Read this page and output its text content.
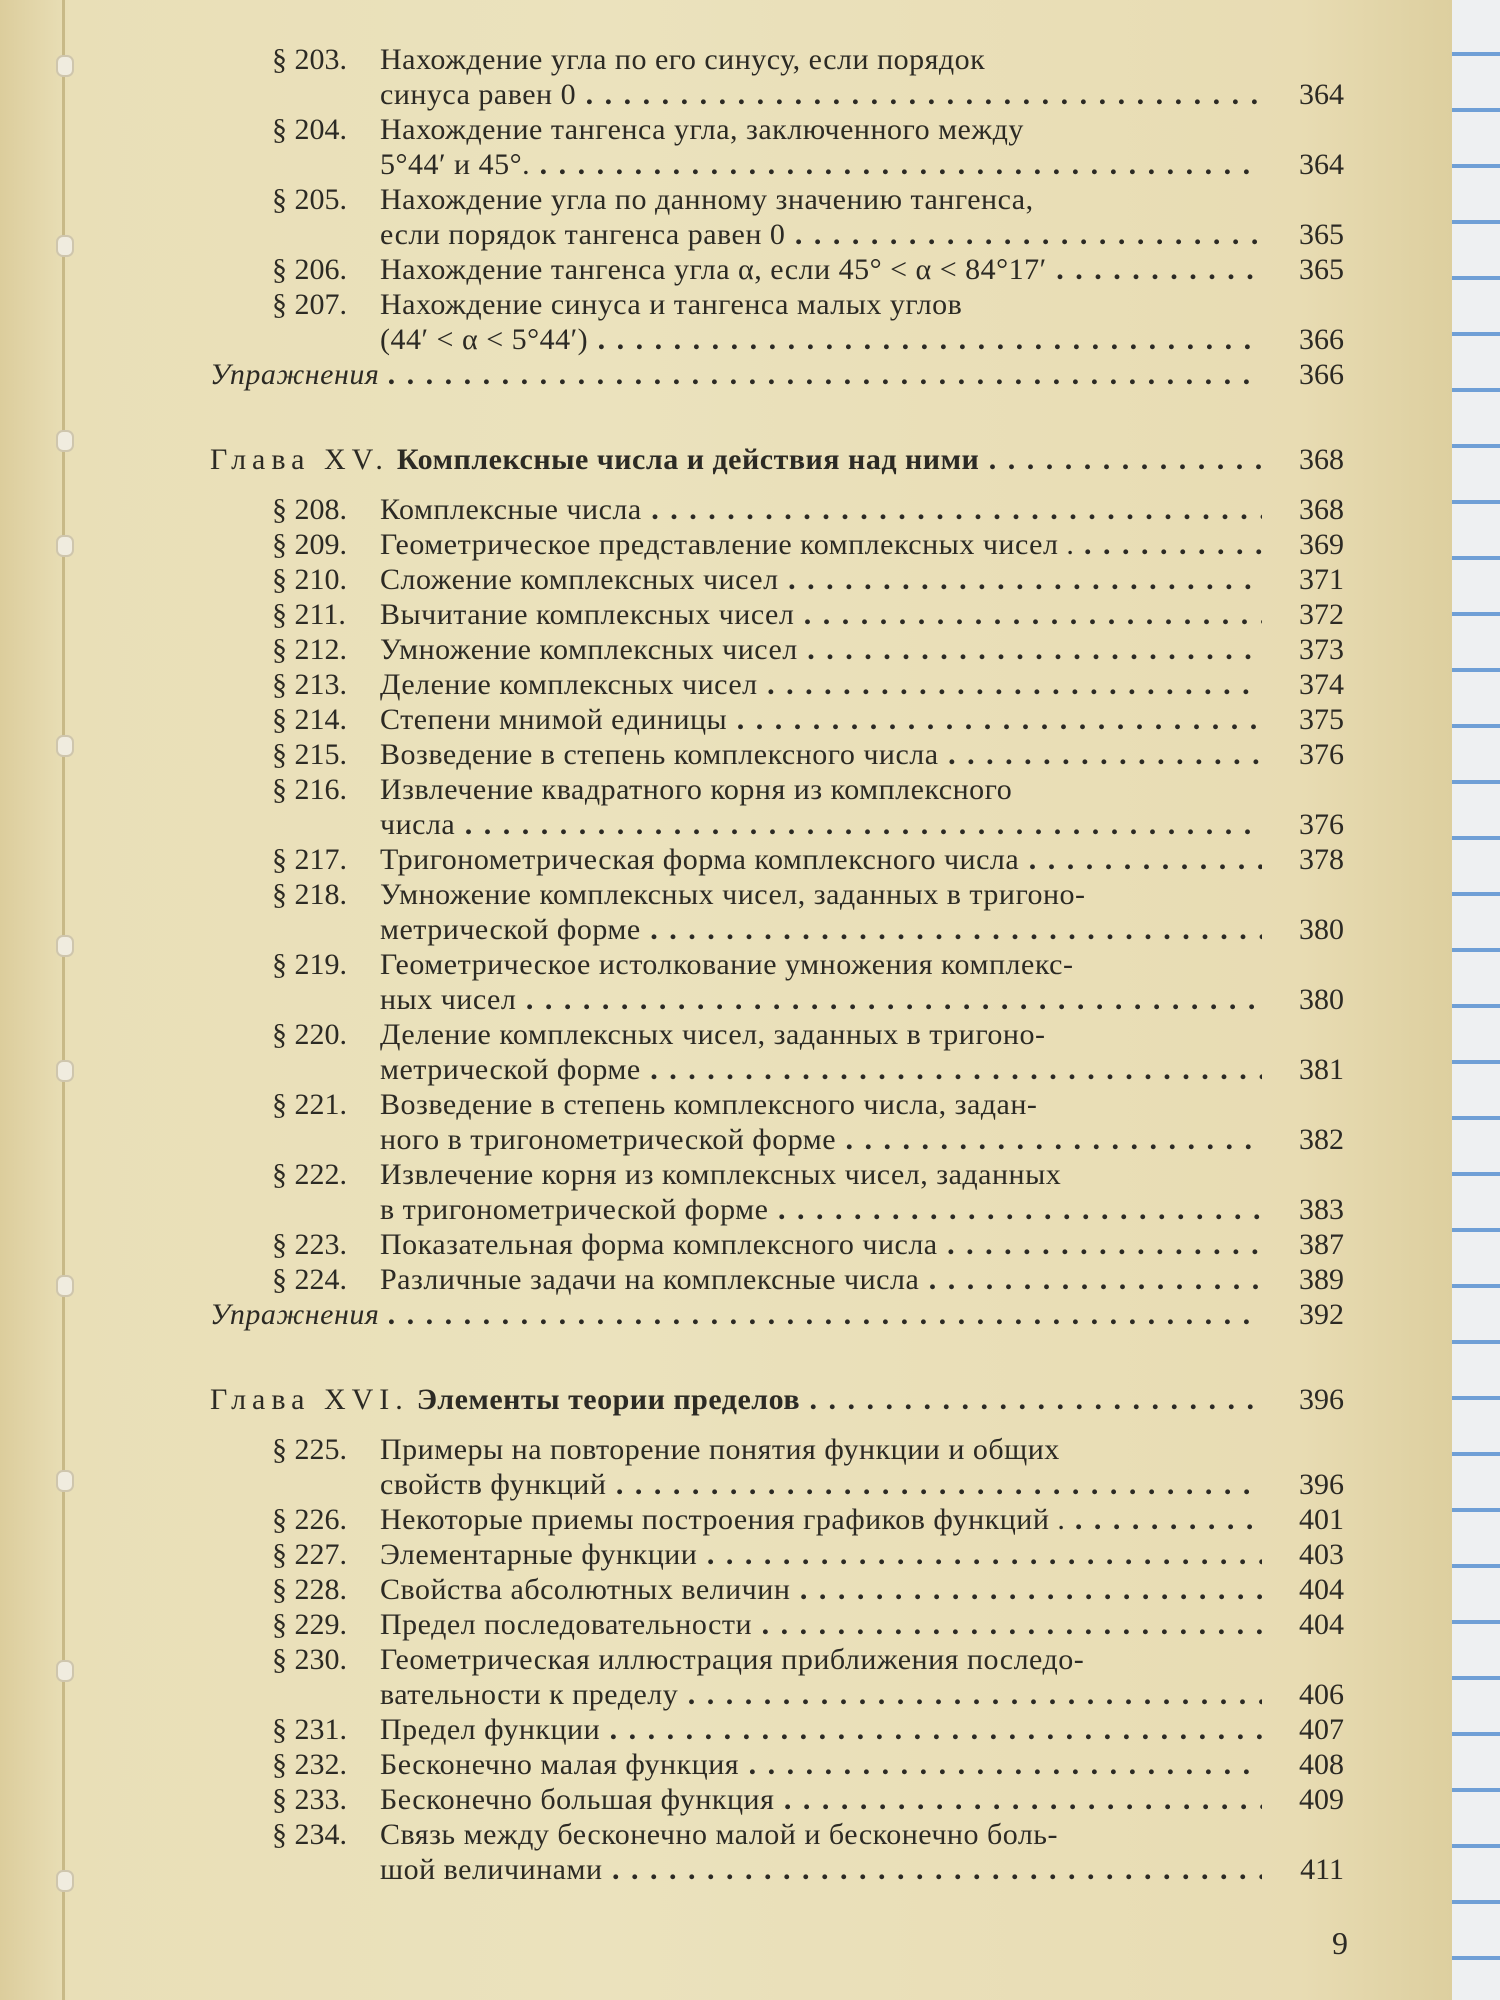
§ 203. Нахождение угла по его синусу, если порядок
синуса равен 0 . . .	364
§ 204. Нахождение тангенса угла, заключенного между
5°44′ и 45°. . . .	364
§ 205. Нахождение угла по данному значению тангенса,
если порядок тангенса равен 0 . . .	365
§ 206. Нахождение тангенса угла α, если 45° < α < 84°17′ . . .	365
§ 207. Нахождение синуса и тангенса малых углов
(44′ < α < 5°44′) . . .	366
Упражнения . . .	366
Глава XV. Комплексные числа и действия над ними . . .	368
§ 208. Комплексные числа . . .	368
§ 209. Геометрическое представление комплексных чисел . . . .	369
§ 210. Сложение комплексных чисел . . .	371
§ 211. Вычитание комплексных чисел . . .	372
§ 212. Умножение комплексных чисел . . .	373
§ 213. Деление комплексных чисел . . .	374
§ 214. Степени мнимой единицы . . .	375
§ 215. Возведение в степень комплексного числа . . .	376
§ 216. Извлечение квадратного корня из комплексного
числа . . .	376
§ 217. Тригонометрическая форма комплексного числа . . .	378
§ 218. Умножение комплексных чисел, заданных в тригоно-
метрической форме . . .	380
§ 219. Геометрическое истолкование умножения комплекс-
ных чисел . . .	380
§ 220. Деление комплексных чисел, заданных в тригоно-
метрической форме . . .	381
§ 221. Возведение в степень комплексного числа, задан-
ного в тригонометрической форме . . .	382
§ 222. Извлечение корня из комплексных чисел, заданных
в тригонометрической форме . . .	383
§ 223. Показательная форма комплексного числа . . .	387
§ 224. Различные задачи на комплексные числа . . .	389
Упражнения . . .	392
Глава XVI. Элементы теории пределов . . .	396
§ 225. Примеры на повторение понятия функции и общих
свойств функций . . .	396
§ 226. Некоторые приемы построения графиков функций . . . .	401
§ 227. Элементарные функции . . .	403
§ 228. Свойства абсолютных величин . . .	404
§ 229. Предел последовательности . . .	404
§ 230. Геометрическая иллюстрация приближения последо-
вательности к пределу . . .	406
§ 231. Предел функции . . .	407
§ 232. Бесконечно малая функция . . .	408
§ 233. Бесконечно большая функция . . .	409
§ 234. Связь между бесконечно малой и бесконечно боль-
шой величинами . . .	411
9
